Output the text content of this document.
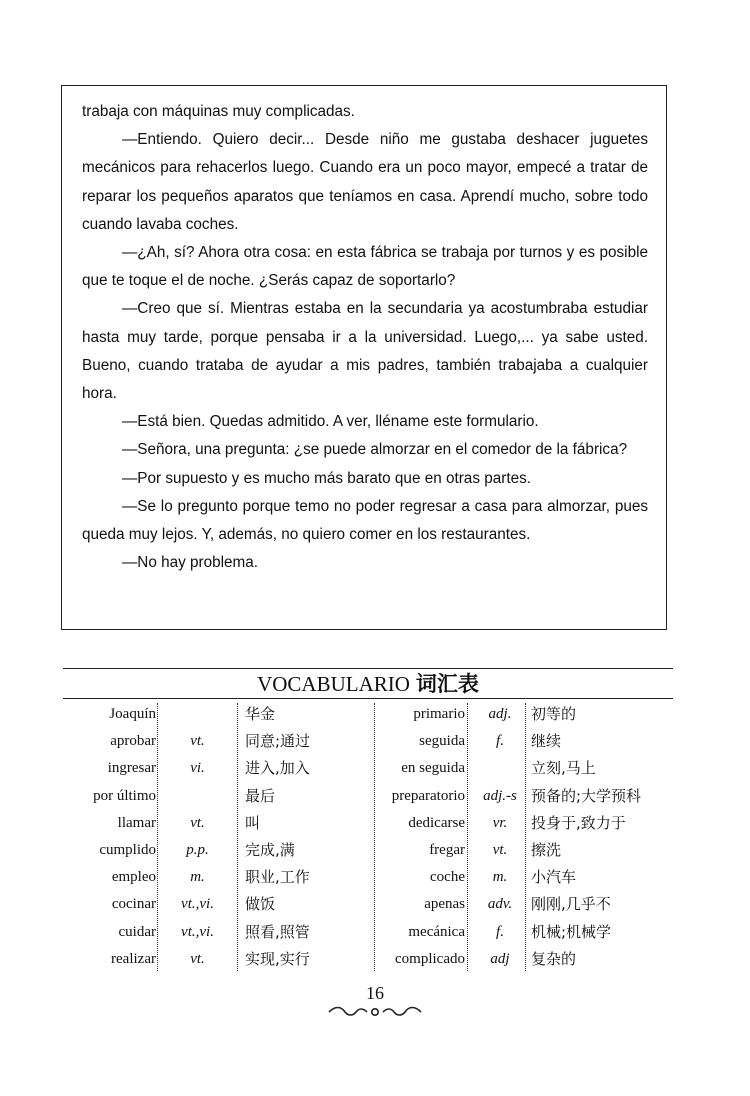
trabaja con máquinas muy complicadas.

—Entiendo. Quiero decir... Desde niño me gustaba deshacer juguetes mecánicos para rehacerlos luego. Cuando era un poco mayor, empecé a tratar de reparar los pequeños aparatos que teníamos en casa. Aprendí mucho, sobre todo cuando lavaba coches.

—¿Ah, sí? Ahora otra cosa: en esta fábrica se trabaja por turnos y es posible que te toque el de noche. ¿Serás capaz de soportarlo?

—Creo que sí. Mientras estaba en la secundaria ya acostumbraba estudiar hasta muy tarde, porque pensaba ir a la universidad. Luego,... ya sabe usted. Bueno, cuando trataba de ayudar a mis padres, también trabajaba a cualquier hora.

—Está bien. Quedas admitido. A ver, lléname este formulario.

—Señora, una pregunta: ¿se puede almorzar en el comedor de la fábrica?

—Por supuesto y es mucho más barato que en otras partes.

—Se lo pregunto porque temo no poder regresar a casa para almorzar, pues queda muy lejos. Y, además, no quiero comer en los restaurantes.

—No hay problema.

VOCABULARIO 词汇表
Joaquín
aprobar
ingresar
por último
llamar
cumplido
empleo
cocinar
cuidar
realizar
vt.
vi.
vt.
p.p.
m.
vt.,vi.
vt.,vi.
vt.
华金
同意;通过
进入,加入
最后
叫
完成,满
职业,工作
做饭
照看,照管
实现,实行
primario
seguida
en seguida
preparatorio
dedicarse
fregar
coche
apenas
mecánica
complicado
adj.
f.
adj.-s
vr.
vt.
m.
adv.
f.
adj
初等的
继续
立刻,马上
预备的;大学预科
投身于,致力于
擦洗
小汽车
刚刚,几乎不
机械;机械学
复杂的
16
